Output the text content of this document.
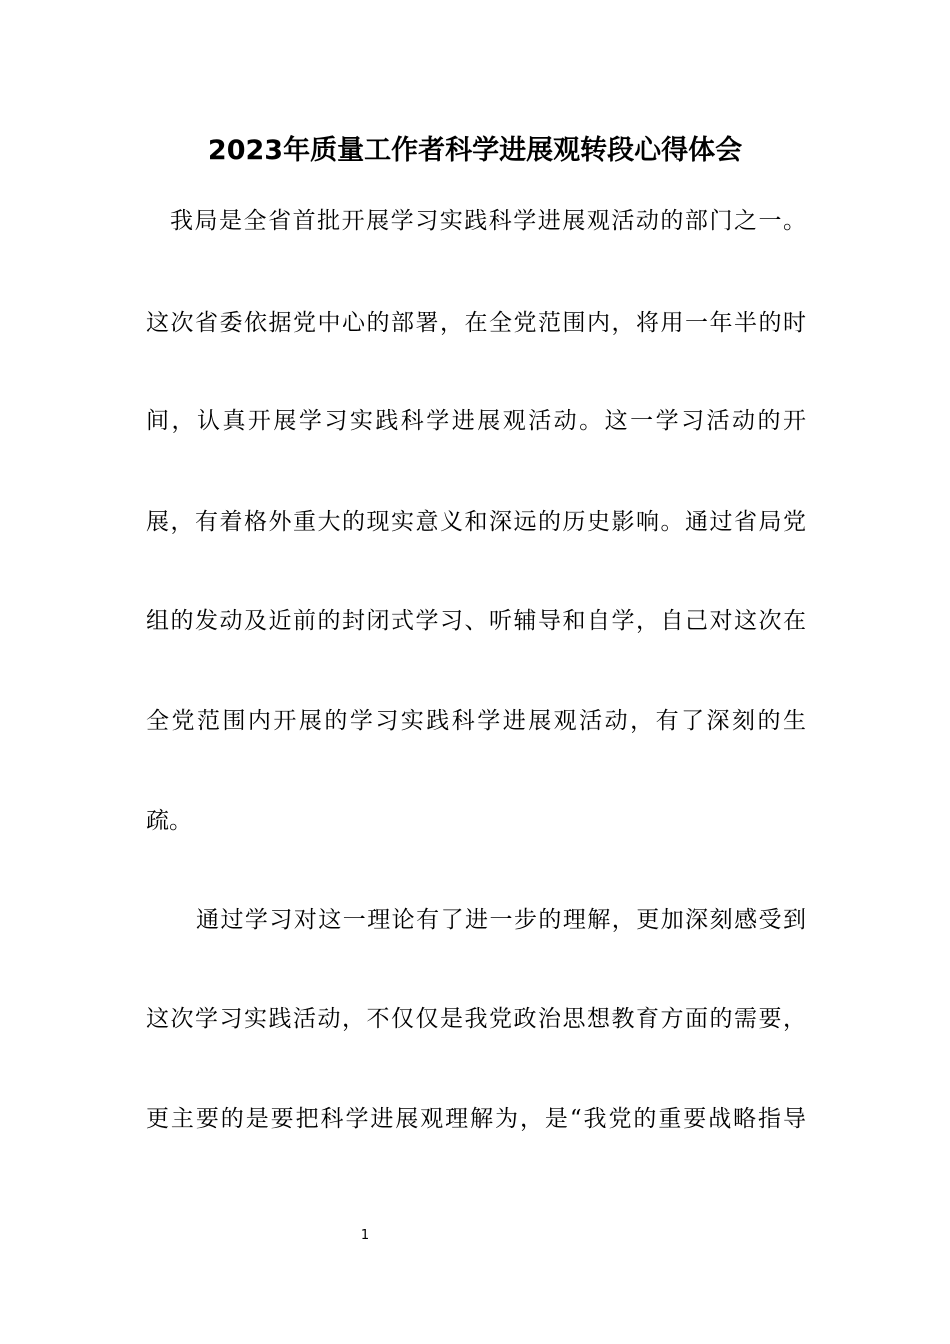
2023年质量工作者科学进展观转段心得体会
我局是全省首批开展学习实践科学进展观活动的部门之一。
这次省委依据党中心的部署，在全党范围内，将用一年半的时
间，认真开展学习实践科学进展观活动。这一学习活动的开
展，有着格外重大的现实意义和深远的历史影响。通过省局党
组的发动及近前的封闭式学习、听辅导和自学，自己对这次在
全党范围内开展的学习实践科学进展观活动，有了深刻的生
疏。
通过学习对这一理论有了进一步的理解，更加深刻感受到
这次学习实践活动，不仅仅是我党政治思想教育方面的需要，
更主要的是要把科学进展观理解为，是“我党的重要战略指导
1
